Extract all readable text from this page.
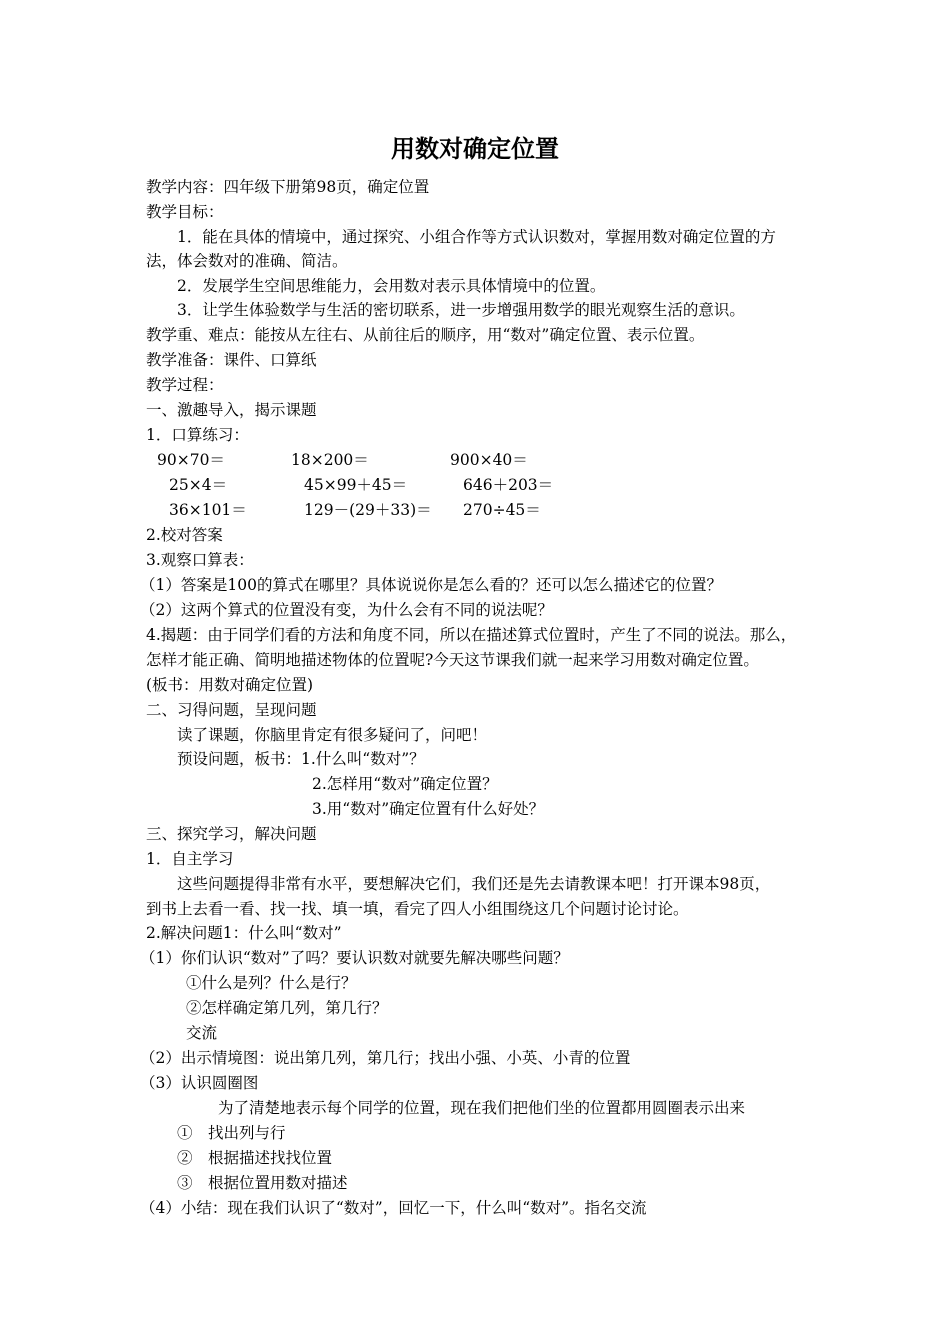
用数对确定位置
教学内容：四年级下册第98页，确定位置
教学目标：
1．能在具体的情境中，通过探究、小组合作等方式认识数对，掌握用数对确定位置的方
法，体会数对的准确、简洁。
2．发展学生空间思维能力，会用数对表示具体情境中的位置。
3．让学生体验数学与生活的密切联系，进一步增强用数学的眼光观察生活的意识。
教学重、难点：能按从左往右、从前往后的顺序，用“数对”确定位置、表示位置。
教学准备：课件、口算纸
教学过程：
一、激趣导入，揭示课题
1．口算练习：
90×70＝	18×200＝	900×40＝
25×4＝	45×99＋45＝	646＋203＝
36×101＝	129－(29＋33)＝ 270÷45＝
2.校对答案
3.观察口算表：
（1）答案是100的算式在哪里？具体说说你是怎么看的？还可以怎么描述它的位置？
（2）这两个算式的位置没有变，为什么会有不同的说法呢？
4.揭题：由于同学们看的方法和角度不同，所以在描述算式位置时，产生了不同的说法。那么，
怎样才能正确、简明地描述物体的位置呢?今天这节课我们就一起来学习用数对确定位置。
(板书：用数对确定位置)
二、习得问题，呈现问题
读了课题，你脑里肯定有很多疑问了，问吧！
预设问题，板书：1.什么叫“数对”？
2.怎样用“数对”确定位置？
3.用“数对”确定位置有什么好处？
三、探究学习，解决问题
1．自主学习
这些问题提得非常有水平，要想解决它们，我们还是先去请教课本吧！打开课本98页，
到书上去看一看、找一找、填一填，看完了四人小组围绕这几个问题讨论讨论。
2.解决问题1：什么叫“数对”
（1）你们认识“数对”了吗？要认识数对就要先解决哪些问题？
①什么是列？什么是行？
②怎样确定第几列，第几行？
交流
（2）出示情境图：说出第几列，第几行；找出小强、小英、小青的位置
（3）认识圆圈图
为了清楚地表示每个同学的位置，现在我们把他们坐的位置都用圆圈表示出来
①　找出列与行
②　根据描述找找位置
③　根据位置用数对描述
（4）小结：现在我们认识了“数对”，回忆一下，什么叫“数对”。指名交流
